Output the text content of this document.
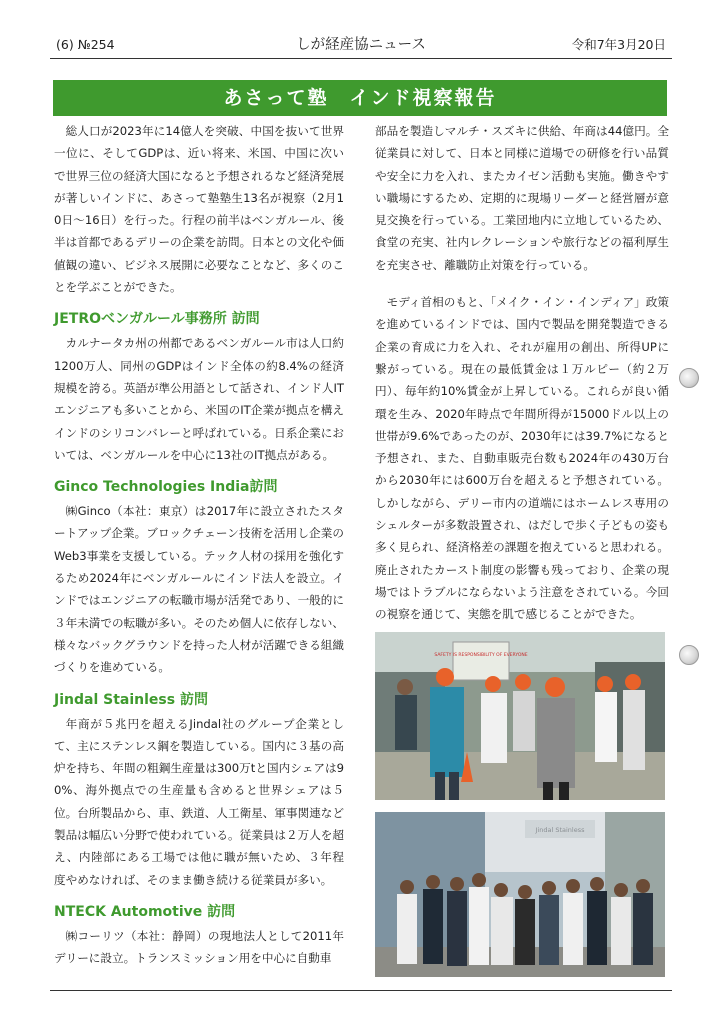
(6) №254	しが経産協ニュース	令和7年3月20日
あさって塾　インド視察報告

総人口が2023年に14億人を突破、中国を抜いて世界一位に、そしてGDPは、近い将来、米国、中国に次いで世界三位の経済大国になると予想されるなど経済発展が著しいインドに、あさって塾塾生13名が視察（2月10日〜16日）を行った。行程の前半はベンガルール、後半は首都であるデリーの企業を訪問。日本との文化や価値観の違い、ビジネス展開に必要なことなど、多くのことを学ぶことができた。

JETROベンガルール事務所 訪問

カルナータカ州の州都であるベンガルール市は人口約1200万人、同州のGDPはインド全体の約8.4%の経済規模を誇る。英語が準公用語として話され、インド人ITエンジニアも多いことから、米国のIT企業が拠点を構えインドのシリコンバレーと呼ばれている。日系企業においては、ベンガルールを中心に13社のIT拠点がある。

Ginco Technologies India訪問

㈱Ginco（本社：東京）は2017年に設立されたスタートアップ企業。ブロックチェーン技術を活用し企業のWeb3事業を支援している。テック人材の採用を強化するため2024年にベンガルールにインド法人を設立。インドではエンジニアの転職市場が活発であり、一般的に３年未満での転職が多い。そのため個人に依存しない、様々なバックグラウンドを持った人材が活躍できる組織づくりを進めている。

Jindal Stainless 訪問

年商が５兆円を超えるJindal社のグループ企業として、主にステンレス鋼を製造している。国内に３基の高炉を持ち、年間の粗鋼生産量は300万tと国内シェアは90%、海外拠点での生産量も含めると世界シェアは５位。台所製品から、車、鉄道、人工衛星、軍事関連など製品は幅広い分野で使われている。従業員は２万人を超え、内陸部にある工場では他に職が無いため、３年程度やめなければ、そのまま働き続ける従業員が多い。

NTECK Automotive 訪問

㈱コーリツ（本社：静岡）の現地法人として2011年デリーに設立。トランスミッション用を中心に自動車

部品を製造しマルチ・スズキに供給、年商は44億円。全従業員に対して、日本と同様に道場での研修を行い品質や安全に力を入れ、またカイゼン活動も実施。働きやすい職場にするため、定期的に現場リーダーと経営層が意見交換を行っている。工業団地内に立地しているため、食堂の充実、社内レクレーションや旅行などの福利厚生を充実させ、離職防止対策を行っている。

モディ首相のもと、「メイク・イン・インディア」政策を進めているインドでは、国内で製品を開発製造できる企業の育成に力を入れ、それが雇用の創出、所得UPに繋がっている。現在の最低賃金は１万ルピー（約２万円）、毎年約10%賃金が上昇している。これらが良い循環を生み、2020年時点で年間所得が15000ドル以上の世帯が9.6%であったのが、2030年には39.7%になると予想され、また、自動車販売台数も2024年の430万台から2030年には600万台を超えると予想されている。しかしながら、デリー市内の道端にはホームレス専用のシェルターが多数設置され、はだしで歩く子どもの姿も多く見られ、経済格差の課題を抱えていると思われる。廃止されたカースト制度の影響も残っており、企業の現場ではトラブルにならないよう注意をされている。今回の視察を通じて、実態を肌で感じることができた。

SAFETY IS RESPONSIBILITY OF EVERYONE
Jindal Stainless
